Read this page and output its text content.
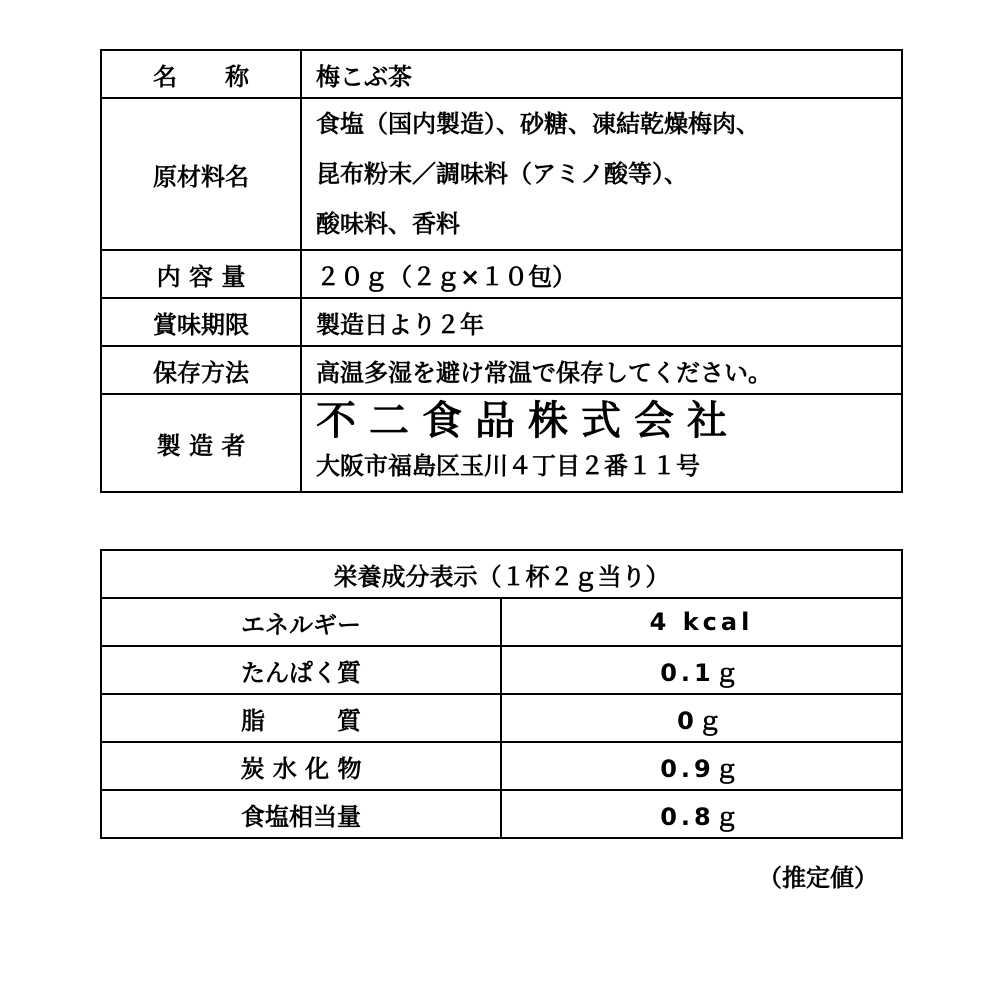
名　　称	梅こぶ茶
原材料名	食塩（国内製造）、砂糖、凍結乾燥梅肉、
昆布粉末／調味料（アミノ酸等）、
酸味料、香料

内 容 量	２０ｇ（２ｇ×１０包）
賞味期限	製造日より２年
保存方法	高温多湿を避け常温で保存してください。
製 造 者	不二食品株式会社
大阪市福島区玉川４丁目２番１１号
栄養成分表示（１杯２ｇ当り）	
エネルギー	4 kcal
たんぱく質	0.1ｇ
脂　　　質	0ｇ
炭 水 化 物	0.9ｇ
食塩相当量	0.8ｇ
（推定値）
